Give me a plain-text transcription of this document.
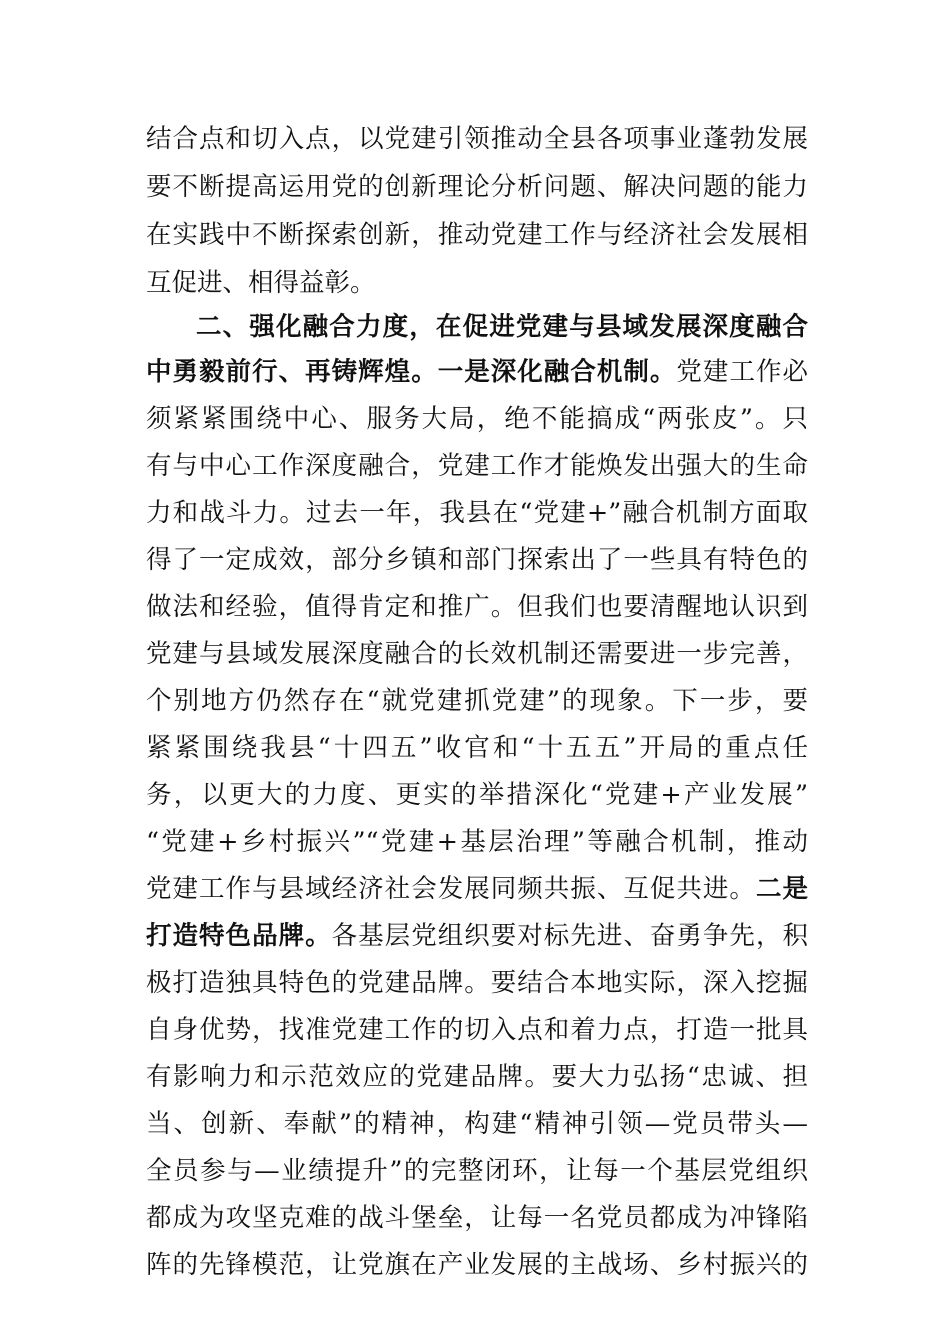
结合点和切入点，以党建引领推动全县各项事业蓬勃发展
要不断提高运用党的创新理论分析问题、解决问题的能力
在实践中不断探索创新，推动党建工作与经济社会发展相
互促进、相得益彰。
二、强化融合力度，在促进党建与县域发展深度融合
中勇毅前行、再铸辉煌。一是深化融合机制。党建工作必
须紧紧围绕中心、服务大局，绝不能搞成“两张皮”。只
有与中心工作深度融合，党建工作才能焕发出强大的生命
力和战斗力。过去一年，我县在“党建+”融合机制方面取
得了一定成效，部分乡镇和部门探索出了一些具有特色的
做法和经验，值得肯定和推广。但我们也要清醒地认识到
党建与县域发展深度融合的长效机制还需要进一步完善，
个别地方仍然存在“就党建抓党建”的现象。下一步，要
紧紧围绕我县“十四五”收官和“十五五”开局的重点任
务，以更大的力度、更实的举措深化“党建+产业发展”
“党建+乡村振兴”“党建+基层治理”等融合机制，推动
党建工作与县域经济社会发展同频共振、互促共进。二是
打造特色品牌。各基层党组织要对标先进、奋勇争先，积
极打造独具特色的党建品牌。要结合本地实际，深入挖掘
自身优势，找准党建工作的切入点和着力点，打造一批具
有影响力和示范效应的党建品牌。要大力弘扬“忠诚、担
当、创新、奉献”的精神，构建“精神引领—党员带头—
全员参与—业绩提升”的完整闭环，让每一个基层党组织
都成为攻坚克难的战斗堡垒，让每一名党员都成为冲锋陷
阵的先锋模范，让党旗在产业发展的主战场、乡村振兴的
